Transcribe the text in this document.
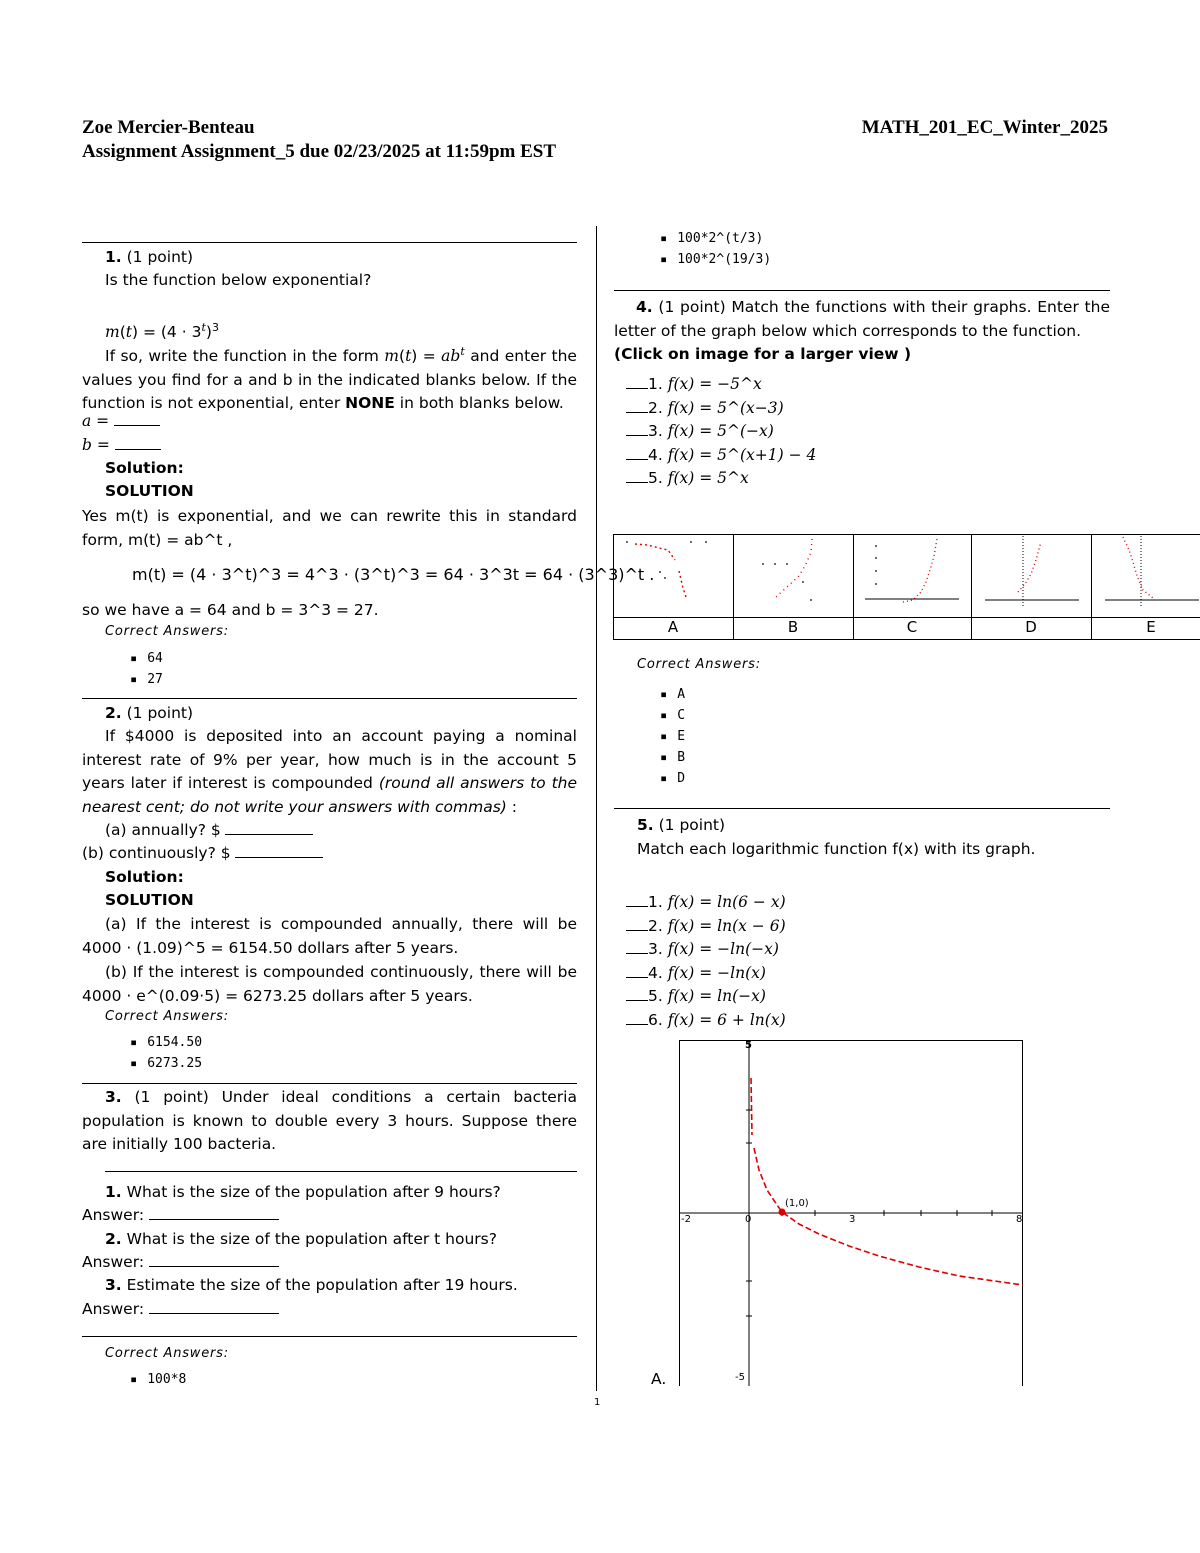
Zoe Mercier-Benteau	MATH_201_EC_Winter_2025
Assignment Assignment_5 due 02/23/2025 at 11:59pm EST
1. (1 point)
Is the function below exponential?
$m(t) = (4 \cdot 3^t)^3$
If so, write the function in the form $m(t) = ab^t$ and enter the values you find for a and b in the indicated blanks below. If the function is not exponential, enter NONE in both blanks below.
a =
b =
Solution:
SOLUTION
Yes m(t) is exponential, and we can rewrite this in standard form, m(t) = ab^t ,
m(t) = (4 · 3^t)^3 = 4^3 · (3^t)^3 = 64 · 3^3t = 64 · (3^3)^t .
so we have a = 64 and b = 3^3 = 27.
Correct Answers:
▪ 64
▪ 27
2. (1 point)
If $4000 is deposited into an account paying a nominal interest rate of 9% per year, how much is in the account 5 years later if interest is compounded (round all answers to the nearest cent; do not write your answers with commas) :
(a) annually? $
(b) continuously? $
Solution:
SOLUTION
(a) If the interest is compounded annually, there will be 4000 · (1.09)^5 = 6154.50 dollars after 5 years.
(b) If the interest is compounded continuously, there will be 4000 · e^(0.09·5) = 6273.25 dollars after 5 years.
Correct Answers:
▪ 6154.50
▪ 6273.25
3. (1 point) Under ideal conditions a certain bacteria population is known to double every 3 hours. Suppose there are initially 100 bacteria.
1. What is the size of the population after 9 hours?
Answer:
2. What is the size of the population after t hours?
Answer:
3. Estimate the size of the population after 19 hours.
Answer:
Correct Answers:
▪ 100*8
▪ 100*2^(t/3)
▪ 100*2^(19/3)
4. (1 point) Match the functions with their graphs. Enter the letter of the graph below which corresponds to the function.
(Click on image for a larger view )
1. f(x) = −5^x
2. f(x) = 5^(x−3)
3. f(x) = 5^(−x)
4. f(x) = 5^(x+1) − 4
5. f(x) = 5^x
A	B	C	D	E
Correct Answers:
▪ A
▪ C
▪ E
▪ B
▪ D
5. (1 point)
Match each logarithmic function f(x) with its graph.
1. f(x) = ln(6 − x)
2. f(x) = ln(x − 6)
3. f(x) = −ln(−x)
4. f(x) = −ln(x)
5. f(x) = ln(−x)
6. f(x) = 6 + ln(x)
5
-2	0	3	8
-5
(1,0)
A.
1
